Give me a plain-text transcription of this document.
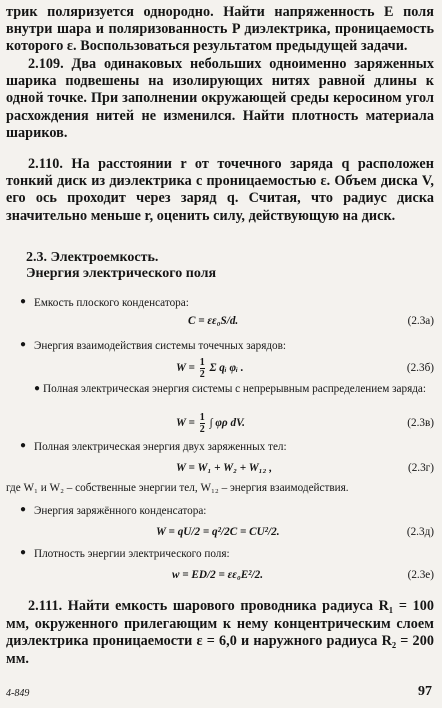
трик поляризуется однородно. Найти напряженность E поля внутри шара и поляризованность P диэлектрика, проницаемость которого ε. Воспользоваться результатом предыдущей задачи.
2.109. Два одинаковых небольших одноименно заряженных шарика подвешены на изолирующих нитях равной длины к одной точке. При заполнении окружающей среды керосином угол расхождения нитей не изменился. Найти плотность материала шариков.
2.110. На расстоянии r от точечного заряда q расположен тонкий диск из диэлектрика с проницаемостью ε. Объем диска V, его ось проходит через заряд q. Считая, что радиус диска значительно меньше r, оценить силу, действующую на диск.
2.3. Электроемкость.
Энергия электрического поля
● Емкость плоского конденсатора:
C = εε₀S/d.	(2.3а)
● Энергия взаимодействия системы точечных зарядов:
$W = \frac{1}{2}$ Σ qᵢ φᵢ .	(2.3б)
● Полная электрическая энергия системы с непрерывным распределением заряда:
$W = \frac{1}{2}$ ∫ φρ dV.	(2.3в)
● Полная электрическая энергия двух заряженных тел:
W = W₁ + W₂ + W₁₂ ,	(2.3г)
где W₁ и W₂ – собственные энергии тел, W₁₂ – энергия взаимодействия.
● Энергия заряжённого конденсатора:
W = qU/2 = q²/2C = CU²/2.	(2.3д)
● Плотность энергии электрического поля:
w = ED/2 = εε₀E²/2.	(2.3е)
2.111. Найти емкость шарового проводника радиуса R₁ = 100 мм, окруженного прилегающим к нему концентрическим слоем диэлектрика проницаемости ε = 6,0 и наружного радиуса R₂ = 200 мм.
4-849	97
